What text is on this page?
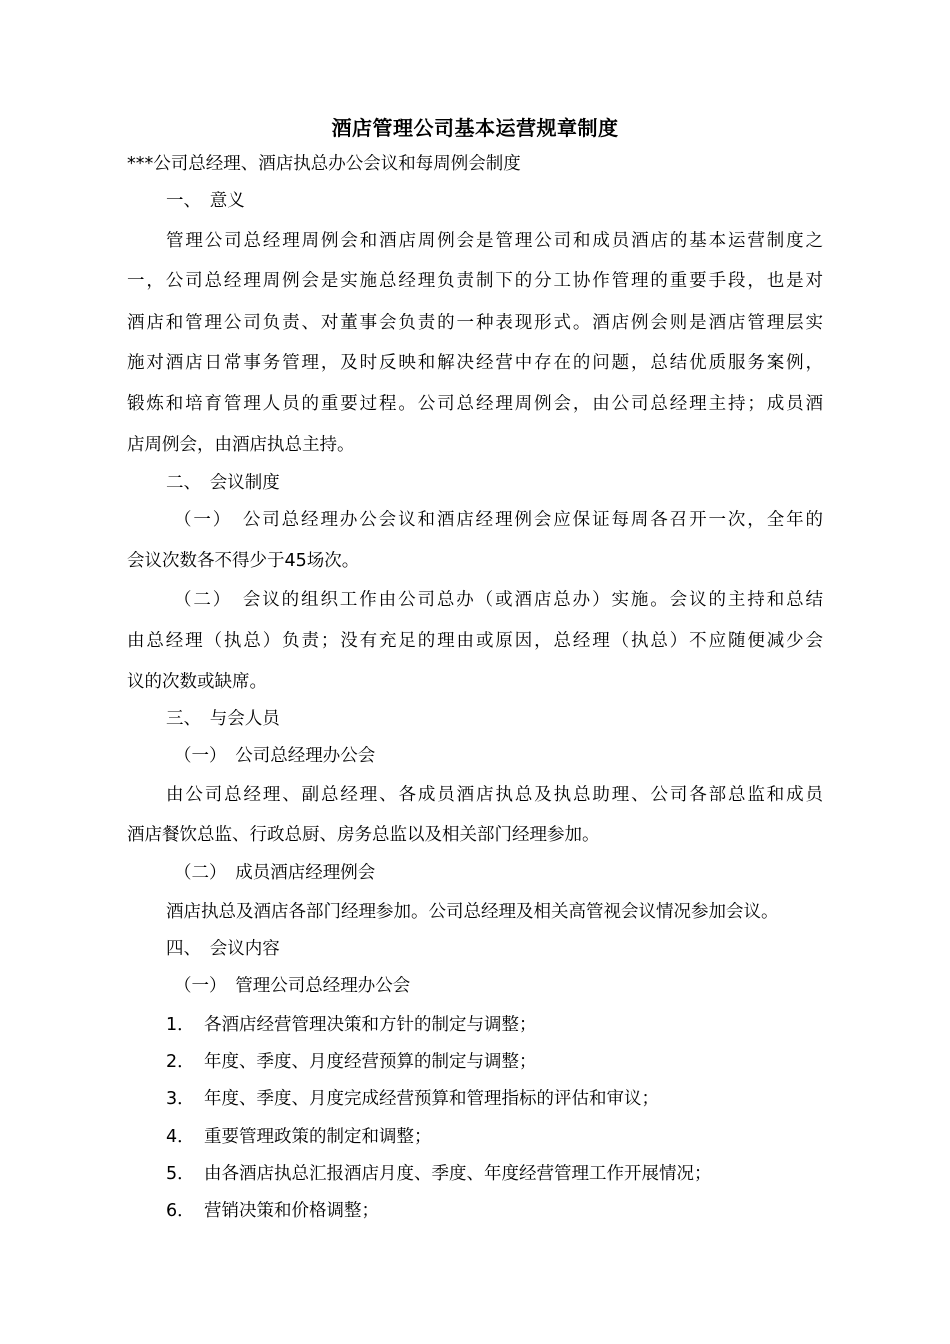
酒店管理公司基本运营规章制度
***公司总经理、酒店执总办公会议和每周例会制度
一、　意义
管理公司总经理周例会和酒店周例会是管理公司和成员酒店的基本运营制度之
一，公司总经理周例会是实施总经理负责制下的分工协作管理的重要手段，也是对
酒店和管理公司负责、对董事会负责的一种表现形式。酒店例会则是酒店管理层实
施对酒店日常事务管理，及时反映和解决经营中存在的问题，总结优质服务案例，
锻炼和培育管理人员的重要过程。公司总经理周例会，由公司总经理主持；成员酒
店周例会，由酒店执总主持。
二、　会议制度
（一）　公司总经理办公会议和酒店经理例会应保证每周各召开一次，全年的
会议次数各不得少于45场次。
（二）　会议的组织工作由公司总办（或酒店总办）实施。会议的主持和总结
由总经理（执总）负责；没有充足的理由或原因，总经理（执总）不应随便减少会
议的次数或缺席。
三、　与会人员
（一）　公司总经理办公会
由公司总经理、副总经理、各成员酒店执总及执总助理、公司各部总监和成员
酒店餐饮总监、行政总厨、房务总监以及相关部门经理参加。
（二）　成员酒店经理例会
酒店执总及酒店各部门经理参加。公司总经理及相关高管视会议情况参加会议。
四、　会议内容
（一）　管理公司总经理办公会
1． 各酒店经营管理决策和方针的制定与调整；
2． 年度、季度、月度经营预算的制定与调整；
3． 年度、季度、月度完成经营预算和管理指标的评估和审议；
4． 重要管理政策的制定和调整；
5． 由各酒店执总汇报酒店月度、季度、年度经营管理工作开展情况；
6． 营销决策和价格调整；
